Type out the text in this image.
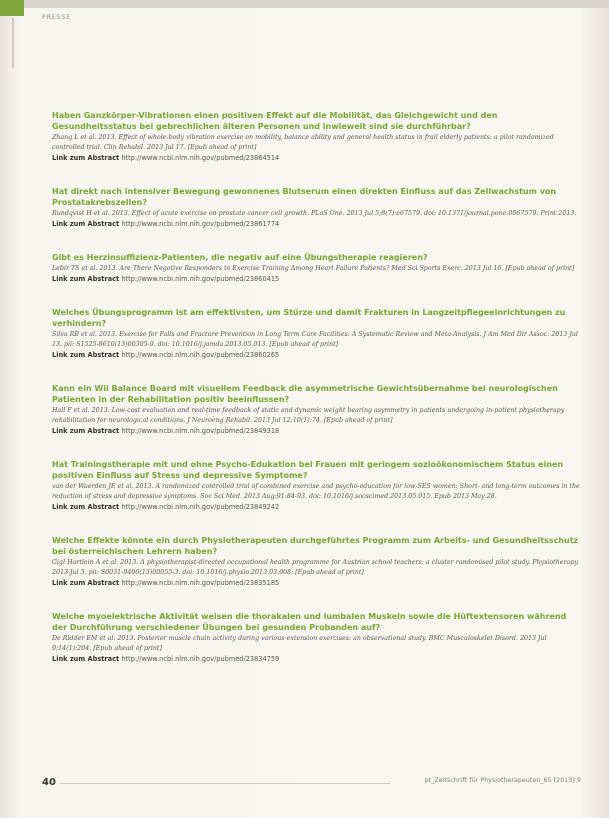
PRESSE

Haben Ganzkörper-Vibrationen einen positiven Effekt auf die Mobilität, das Gleichgewicht und den Gesundheitsstatus bei gebrechlichen älteren Personen und inwieweit sind sie durchführbar?

Zhang L et al. 2013. Effect of whole-body vibration exercise on mobility, balance ability and general health status in frail elderly patients: a pilot randomized controlled trial. Clin Rehabil. 2013 Jul 17. [Epub ahead of print]

Link zum Abstract http://www.ncbi.nlm.nih.gov/pubmed/23864514

Hat direkt nach intensiver Bewegung gewonnenes Blutserum einen direkten Einfluss auf das Zellwachstum von Prostatakrebszellen?

Rundqvist H et al. 2013. Effect of acute exercise on prostate cancer cell growth. PLoS One. 2013 Jul 5;8(7):e67579. doi: 10.1371/journal.pone.0067579. Print 2013.

Link zum Abstract http://www.ncbi.nlm.nih.gov/pubmed/23861774

Gibt es Herzinsuffizienz-Patienten, die negativ auf eine Übungstherapie reagieren?

Lebir TS et al. 2013. Are There Negative Responders to Exercise Training Among Heart Failure Patients? Med Sci Sports Exerc. 2013 Jul 16. [Epub ahead of print]

Link zum Abstract http://www.ncbi.nlm.nih.gov/pubmed/23860415

Welches Übungsprogramm ist am effektivsten, um Stürze und damit Frakturen in Langzeitpflegeeinrichtungen zu verhindern?

Silva RB et al. 2013. Exercise for Falls and Fracture Prevention in Long Term Care Facilities: A Systematic Review and Meta-Analysis. J Am Med Dir Assoc. 2013 Jul 13. pii: S1525-8610(13)00305-9. doi: 10.1016/j.jamda.2013.05.013. [Epub ahead of print]

Link zum Abstract http://www.ncbi.nlm.nih.gov/pubmed/23860265

Kann ein Wii Balance Board mit visuellem Feedback die asymmetrische Gewichtsübernahme bei neurologischen Patienten in der Rehabilitation positiv beeinflussen?

Hall F et al. 2013. Low-cost evaluation and real-time feedback of static and dynamic weight bearing asymmetry in patients undergoing in-patient physiotherapy rehabilitation for neurological conditions. J Neuroeng Rehabil. 2013 Jul 12;10(1):74. [Epub ahead of print]

Link zum Abstract http://www.ncbi.nlm.nih.gov/pubmed/23849318

Hat Trainingstherapie mit und ohne Psycho-Edukation bei Frauen mit geringem sozioökonomischem Status einen positiven Einfluss auf Stress und depressive Symptome?

van der Waerden JE et al. 2013. A randomized controlled trial of combined exercise and psycho-education for low-SES women: Short- and long-term outcomes in the reduction of stress and depressive symptoms. Soc Sci Med. 2013 Aug;91:84-93. doi: 10.1016/j.socscimed.2013.05.015. Epub 2013 May 28.

Link zum Abstract http://www.ncbi.nlm.nih.gov/pubmed/23849242

Welche Effekte könnte ein durch Physiotherapeuten durchgeführtes Programm zum Arbeits- und Gesundheitsschutz bei österreichischen Lehrern haben?

Gigl Hartlein A et al. 2013. A physiotherapist-directed occupational health programme for Austrian school teachers: a cluster randomised pilot study. Physiotherapy. 2013 Jul 5. pii: S0031-9406(13)00055-3. doi: 10.1016/j.physio.2013.03.008. [Epub ahead of print]

Link zum Abstract http://www.ncbi.nlm.nih.gov/pubmed/23835185

Welche myoelektrische Aktivität weisen die thorakalen und lumbalen Muskeln sowie die Hüftextensoren während der Durchführung verschiedener Übungen bei gesunden Probanden auf?

De Ridder EM et al. 2013. Posterior muscle chain activity during various extension exercises: an observational study. BMC Musculoskelet Disord. 2013 Jul 9;14(1):204. [Epub ahead of print]

Link zum Abstract http://www.ncbi.nlm.nih.gov/pubmed/23834759
40	pt_Zeitschrift für Physiotherapeuten_65 [2013] 9
